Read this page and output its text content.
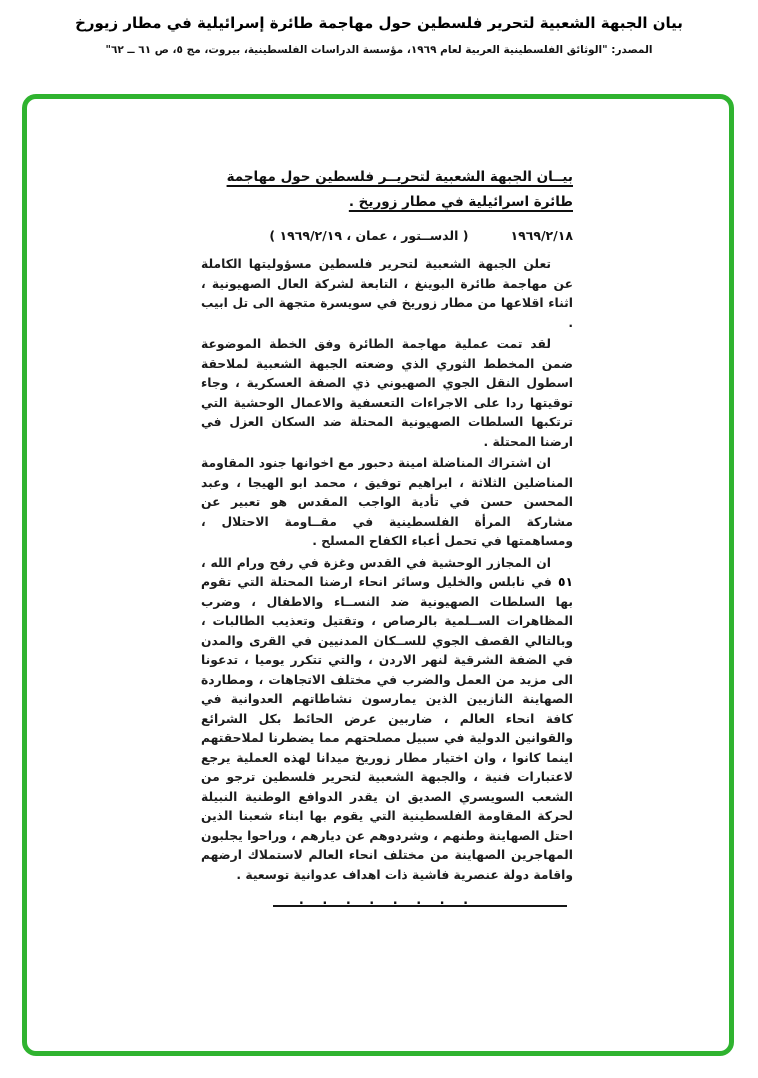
بيان الجبهة الشعبية لتحرير فلسطين حول مهاجمة طائرة إسرائيلية في مطار زيورخ
المصدر: "الوثائق الفلسطينية العربية لعام ١٩٦٩، مؤسسة الدراسات الفلسطينية، بيروت، مج ٥، ص ٦١ ــ ٦٢"
بيــان الجبهة الشعبية لتحريــر فلسطين حول مهاجمة
طائرة اسرائيلية في مطار زوريخ .
١٩٦٩/٢/١٨
( الدســتور ، عمان ، ١٩٦٩/٢/١٩ )

تعلن الجبهة الشعبية لتحرير فلسطين مسؤوليتها الكاملة عن مهاجمة طائرة البوينغ ، التابعة لشركة العال الصهيونية ، اثناء اقلاعها من مطار زوريخ في سويسرة متجهة الى تل ابيب .

لقد تمت عملية مهاجمة الطائرة وفق الخطة الموضوعة ضمن المخطط الثوري الذي وضعته الجبهة الشعبية لملاحقة اسطول النقل الجوي الصهيوني ذي الصفة العسكرية ، وجاء توقيتها ردا على الاجراءات التعسفية والاعمال الوحشية التي ترتكبها السلطات الصهيونية المحتلة ضد السكان العزل في ارضنا المحتلة .

ان اشتراك المناضلة امينة دحبور مع اخوانها جنود المقاومة المناضلين الثلاثة ، ابراهيم توفيق ، محمد ابو الهيجا ، وعبد المحسن حسن في تأدية الواجب المقدس هو تعبير عن مشاركة المرأة الفلسطينية في مقــاومة الاحتلال ، ومساهمتها في تحمل أعباء الكفاح المسلح .

ان المجازر الوحشية في القدس وغزة في رفح ورام الله ، ٥١ في نابلس والخليل وسائر انحاء ارضنا المحتلة التي تقوم بها السلطات الصهيونية ضد النســاء والاطفال ، وضرب المظاهرات الســلمية بالرصاص ، وتقتيل وتعذيب الطالبات ، وبالتالي القصف الجوي للســكان المدنيين في القرى والمدن في الضفة الشرقية لنهر الاردن ، والتي تتكرر يوميا ، تدعونا الى مزيد من العمل والضرب في مختلف الاتجاهات ، ومطاردة الصهاينة النازيين الذين يمارسون نشاطاتهم العدوانية في كافة انحاء العالم ، ضاربين عرض الحائط بكل الشرائع والقوانين الدولية في سبيل مصلحتهم مما يضطرنا لملاحقتهم اينما كانوا ، وان اختيار مطار زوريخ ميدانا لهذه العملية يرجع لاعتبارات فنية ، والجبهة الشعبية لتحرير فلسطين ترجو من الشعب السويسري الصديق ان يقدر الدوافع الوطنية النبيلة لحركة المقاومة الفلسطينية التي يقوم بها ابناء شعبنا الذين احتل الصهاينة وطنهم ، وشردوهم عن ديارهم ، وراحوا يجلبون المهاجرين الصهاينة من مختلف انحاء العالم لاستملاك ارضهم واقامة دولة عنصرية فاشية ذات اهداف عدوانية توسعية .

. . . . . . . .
